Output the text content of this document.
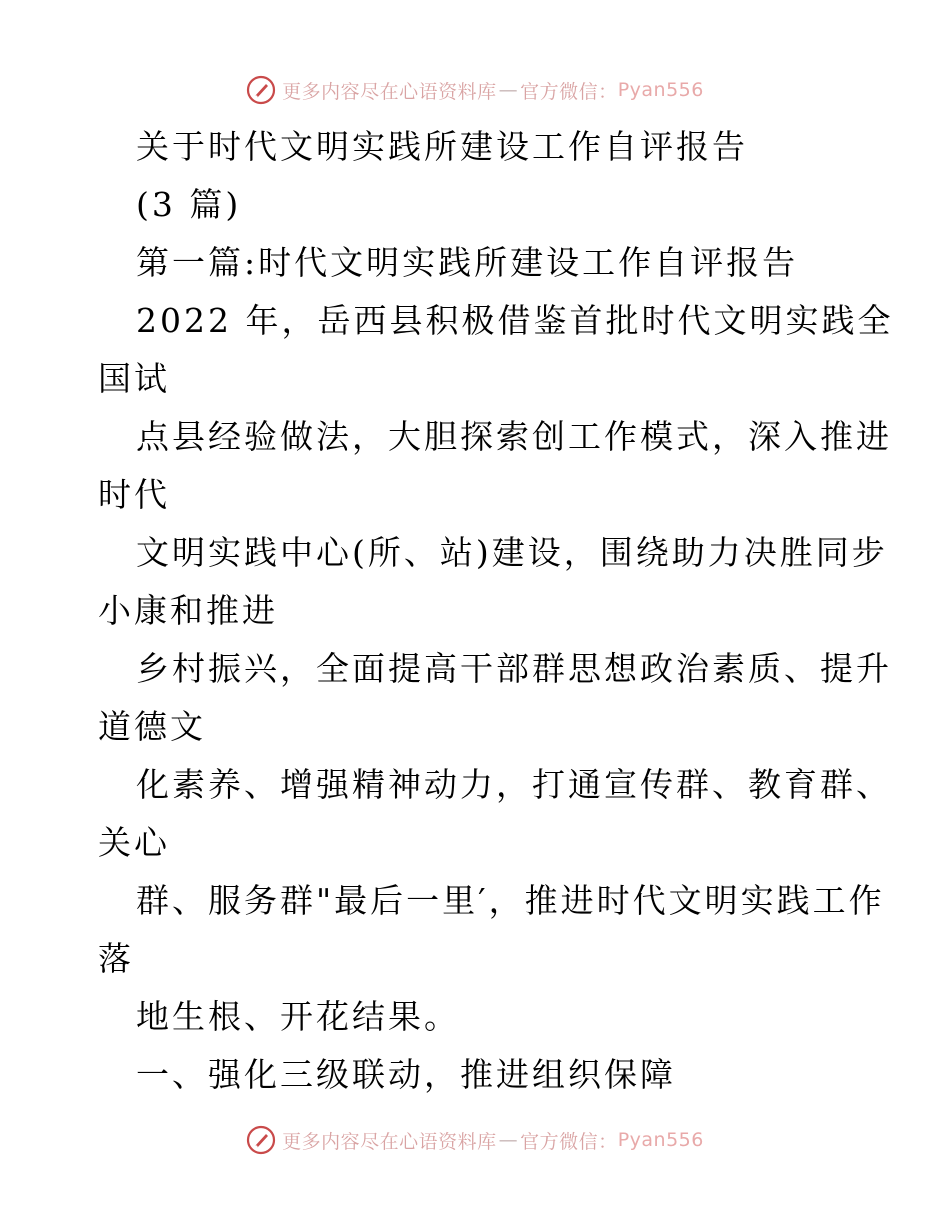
更多内容尽在心语资料库 — 官方微信： Pyan556
关于时代文明实践所建设工作自评报告
(3 篇)
第一篇:时代文明实践所建设工作自评报告
2022 年，岳西县积极借鉴首批时代文明实践全
国试
点县经验做法，大胆探索创工作模式，深入推进
时代
文明实践中心(所、站)建设，围绕助力决胜同步
小康和推进
乡村振兴，全面提高干部群思想政治素质、提升
道德文
化素养、增强精神动力，打通宣传群、教育群、
关心
群、服务群"最后一里′，推进时代文明实践工作
落
地生根、开花结果。
一、强化三级联动，推进组织保障
更多内容尽在心语资料库 — 官方微信： Pyan556
